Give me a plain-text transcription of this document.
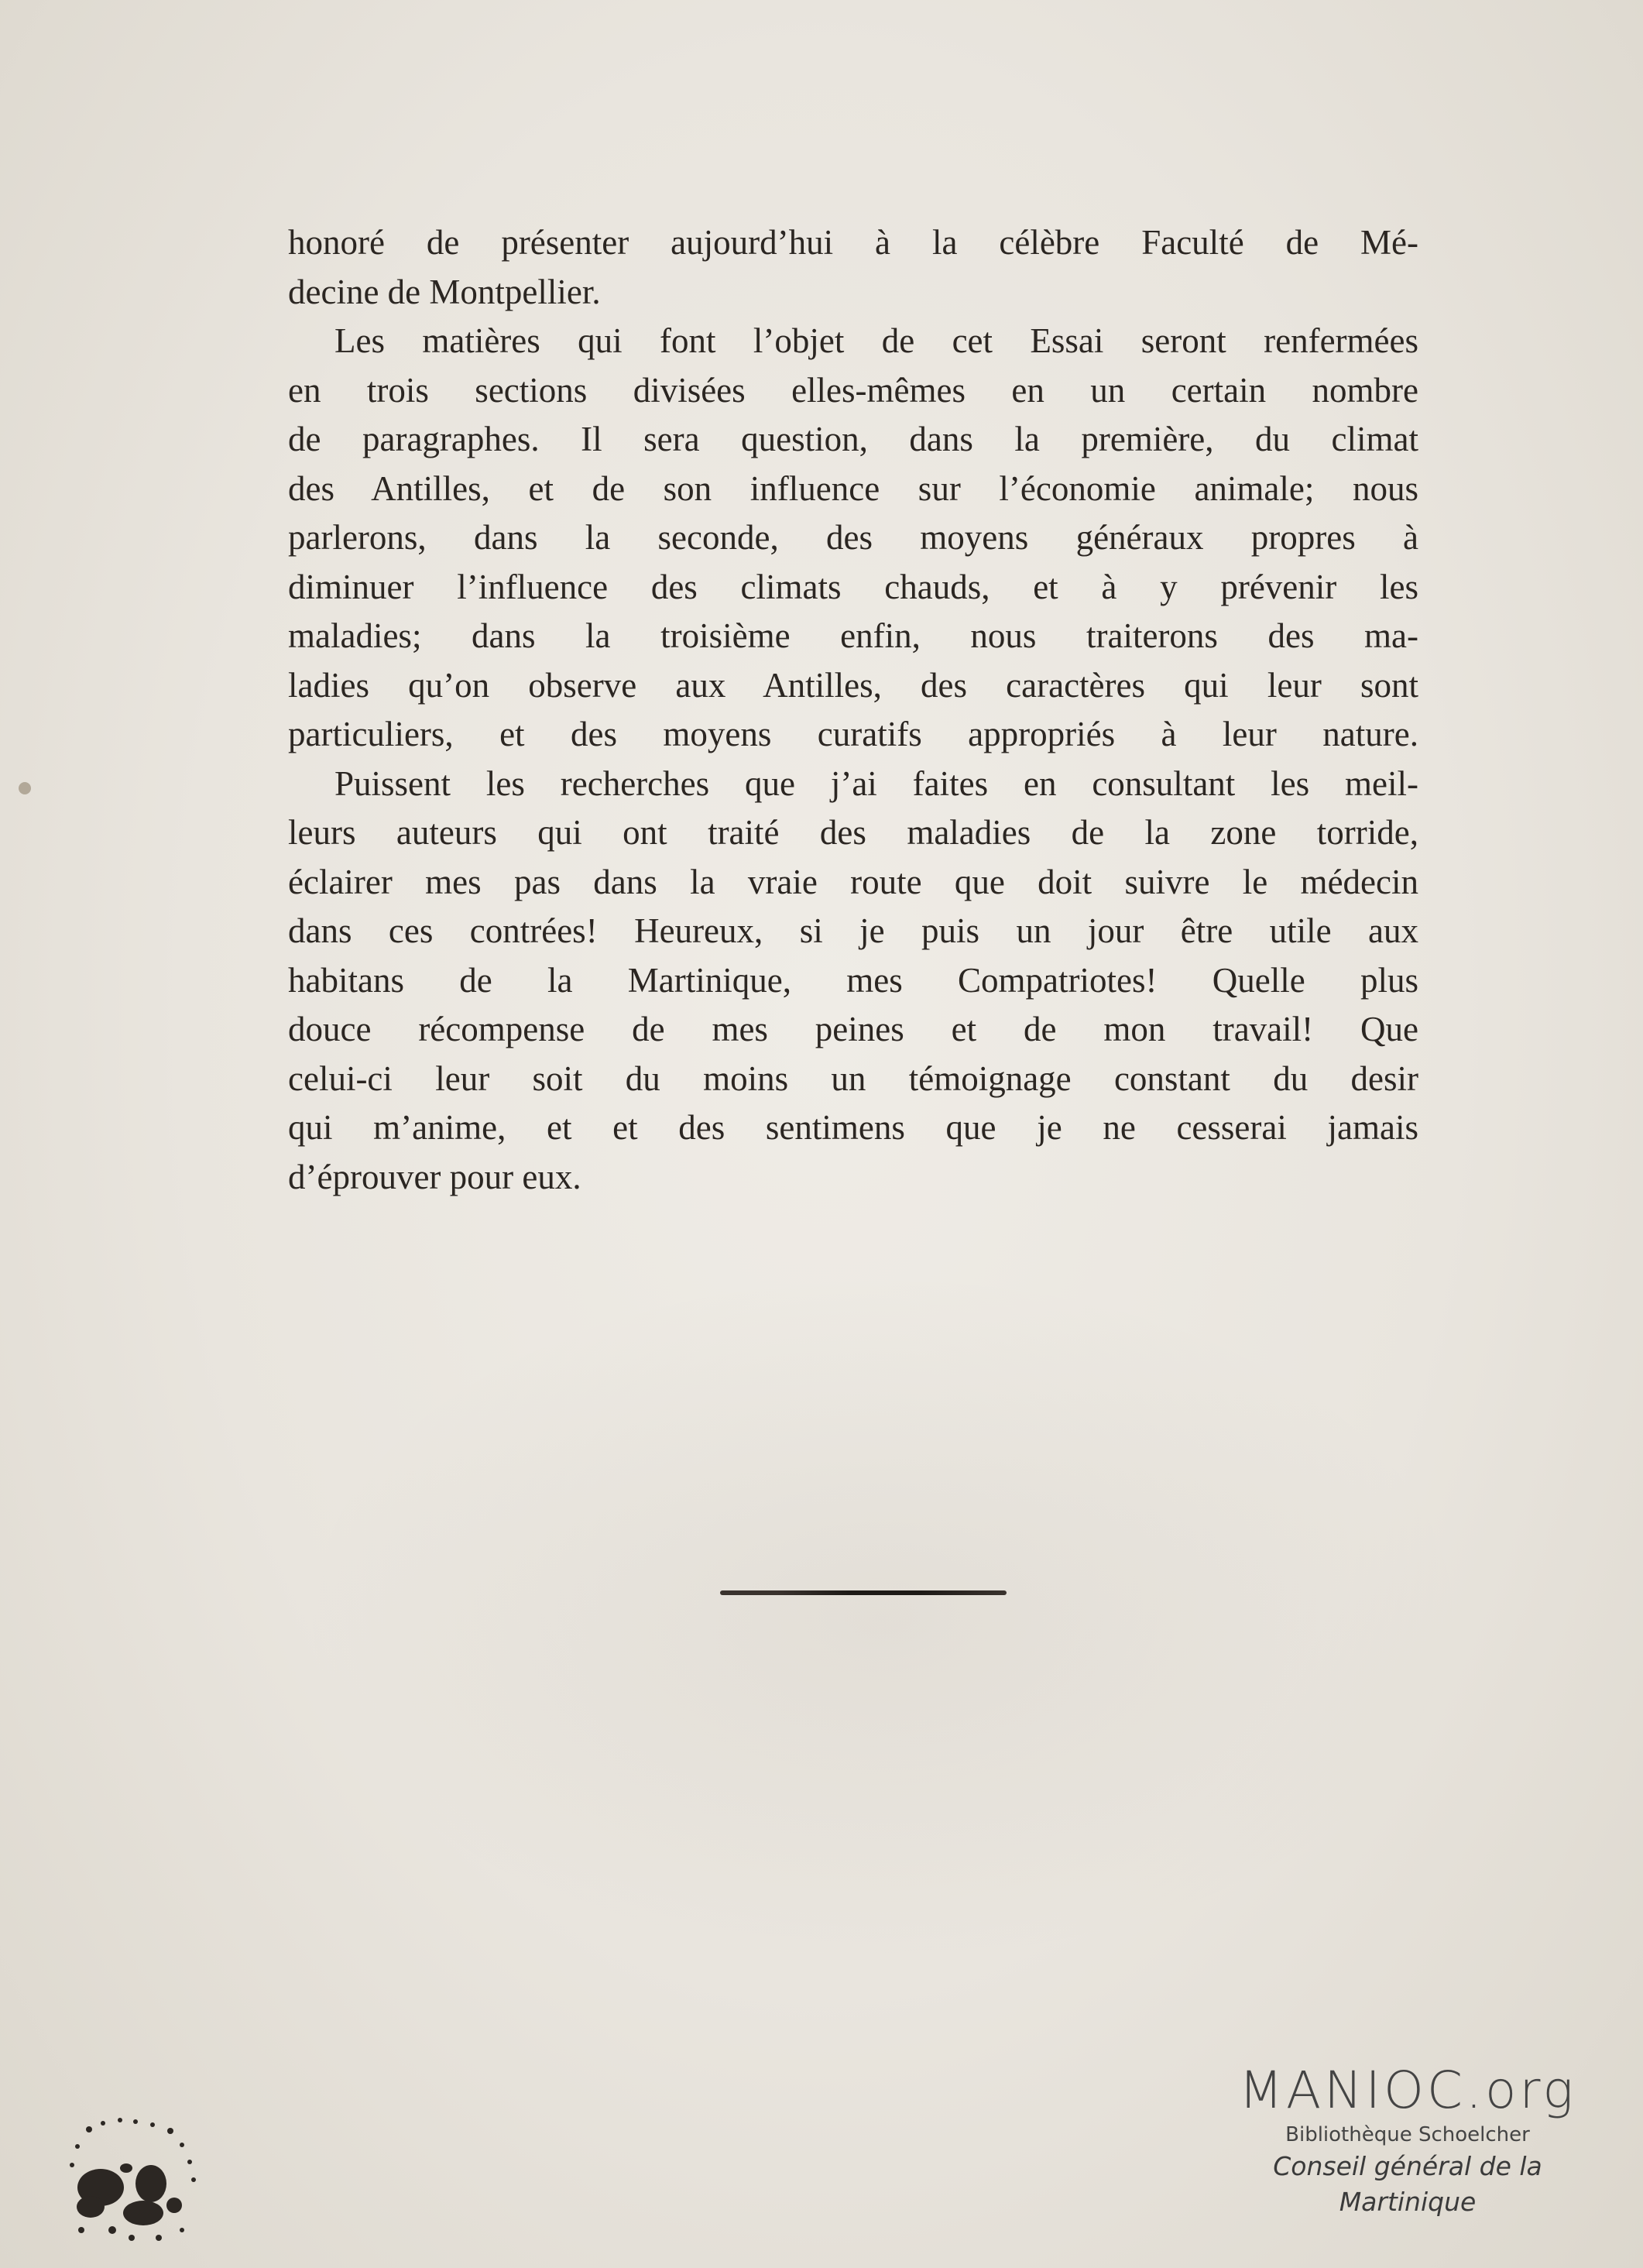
honoré de présenter aujourd’hui à la célèbre Faculté de Mé-
decine de Montpellier.
Les matières qui font l’objet de cet Essai seront renfermées
en trois sections divisées elles-mêmes en un certain nombre
de paragraphes. Il sera question, dans la première, du climat
des Antilles, et de son influence sur l’économie animale; nous
parlerons, dans la seconde, des moyens généraux propres à
diminuer l’influence des climats chauds, et à y prévenir les
maladies; dans la troisième enfin, nous traiterons des ma-
ladies qu’on observe aux Antilles, des caractères qui leur sont
particuliers, et des moyens curatifs appropriés à leur nature.
Puissent les recherches que j’ai faites en consultant les meil-
leurs auteurs qui ont traité des maladies de la zone torride,
éclairer mes pas dans la vraie route que doit suivre le médecin
dans ces contrées! Heureux, si je puis un jour être utile aux
habitans de la Martinique, mes Compatriotes! Quelle plus
douce récompense de mes peines et de mon travail! Que
celui-ci leur soit du moins un témoignage constant du desir
qui m’anime, et et des sentimens que je ne cesserai jamais
d’éprouver pour eux.
MANIOC.org
Bibliothèque Schoelcher
Conseil général de la Martinique
